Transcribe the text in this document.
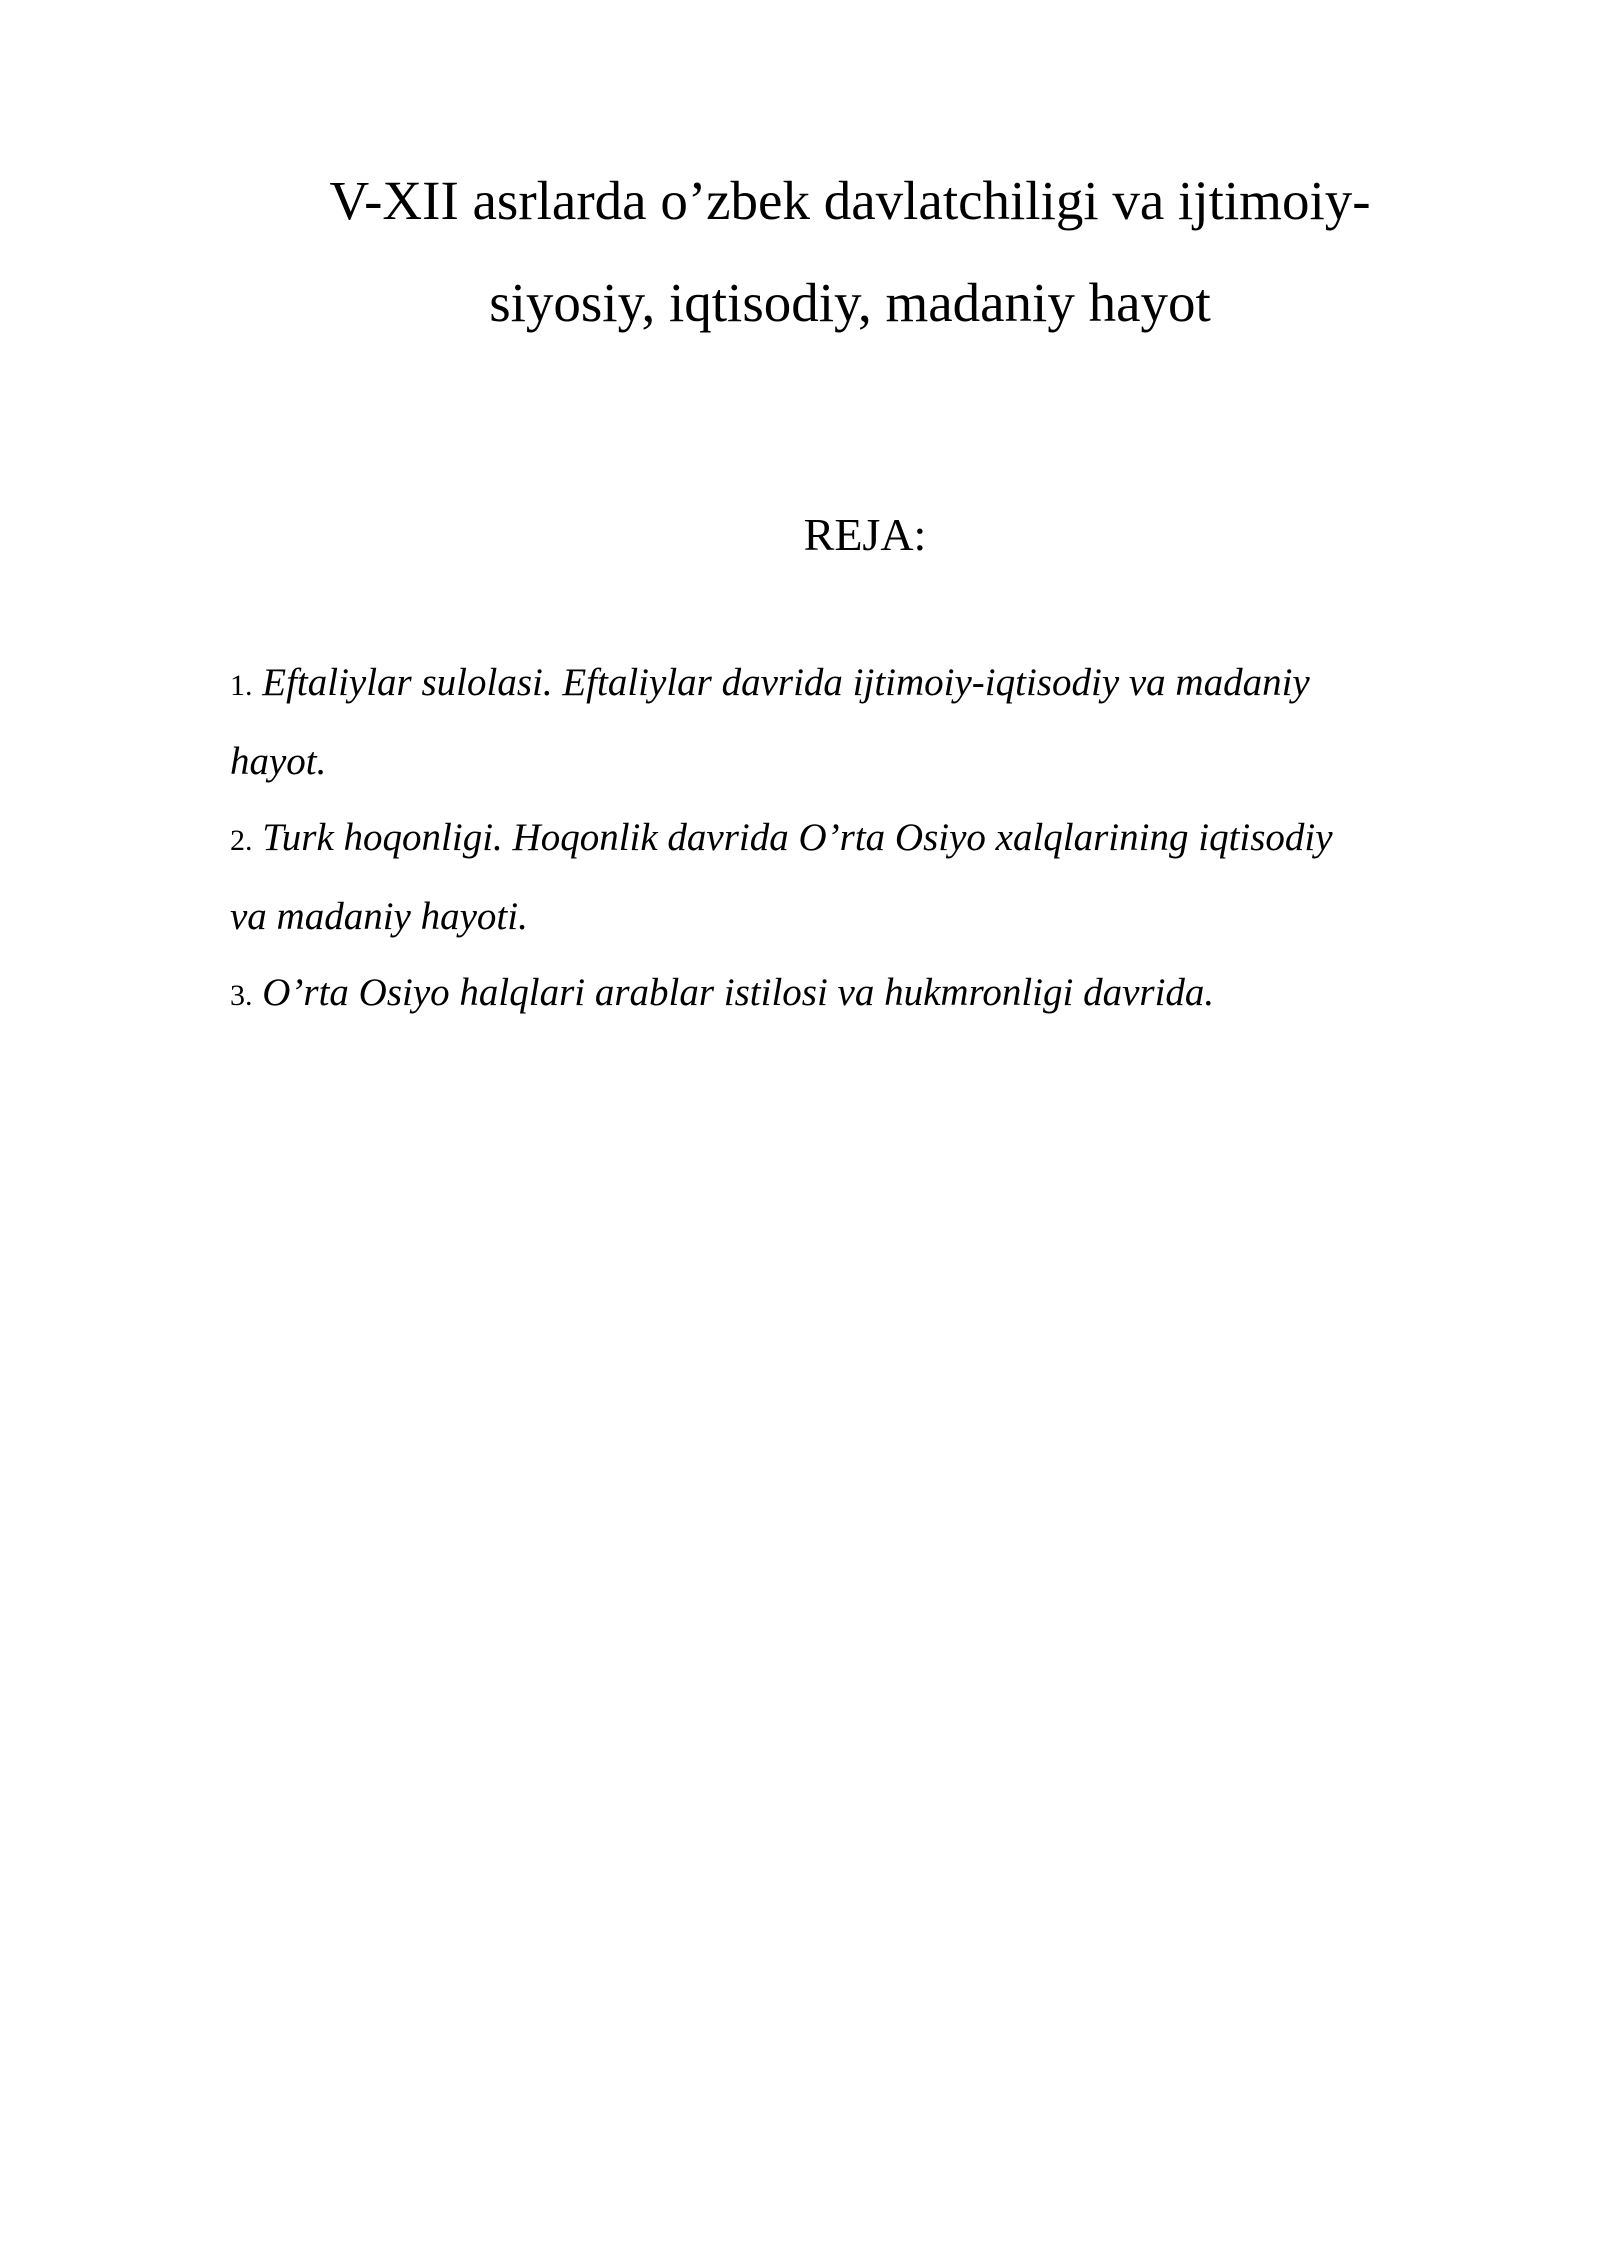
V-XII asrlarda o’zbek davlatchiligi va ijtimoiy-
siyosiy, iqtisodiy, madaniy hayot
REJA:
1. Eftaliylar sulolasi. Eftaliylar davrida ijtimoiy-iqtisodiy va madaniy
hayot.
2. Turk hoqonligi. Hoqonlik davrida O’rta Osiyo xalqlarining iqtisodiy
va madaniy hayoti.
3. O’rta Osiyo halqlari arablar istilosi va hukmronligi davrida.
